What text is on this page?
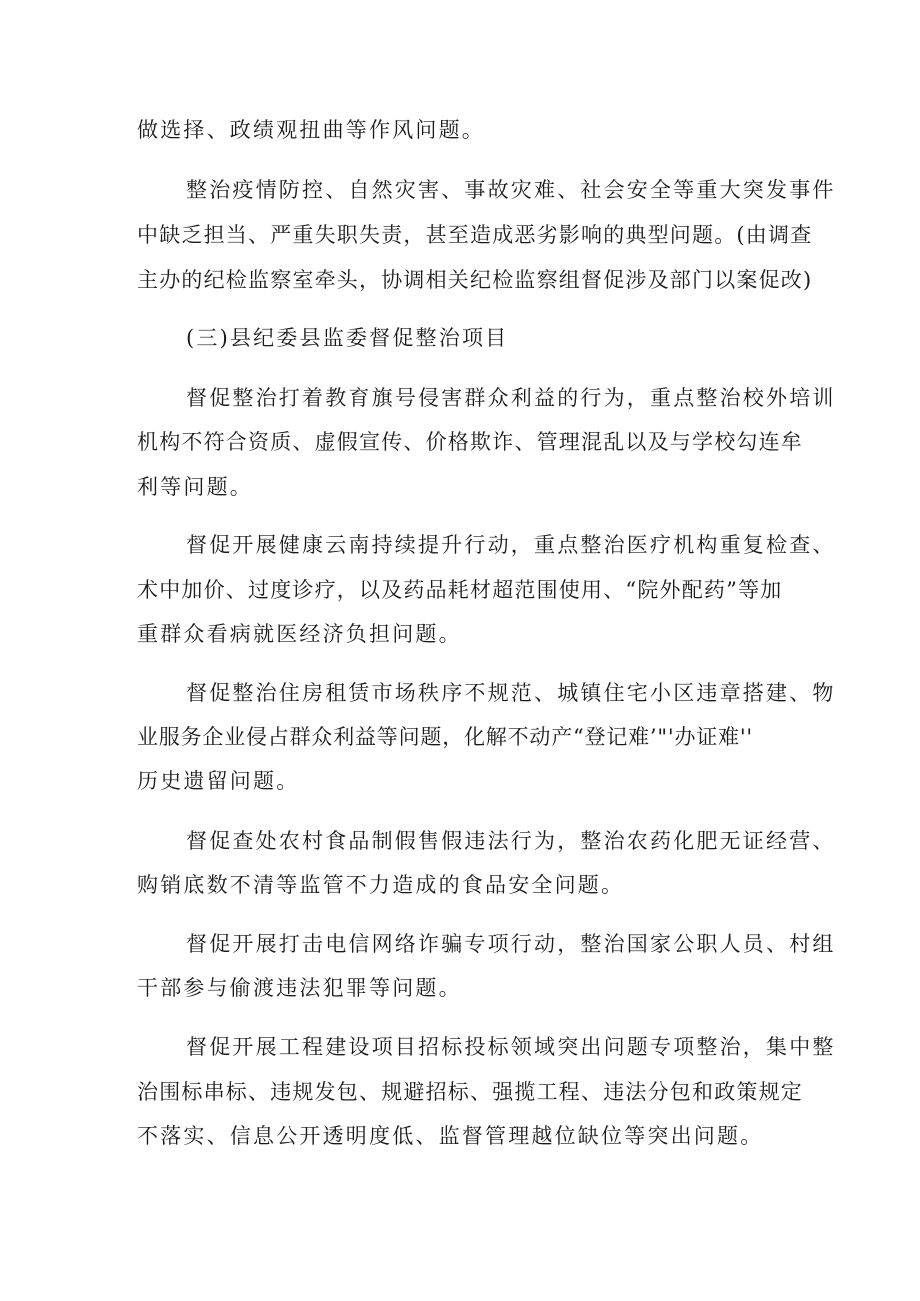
做选择、政绩观扭曲等作风问题。
整治疫情防控、自然灾害、事故灾难、社会安全等重大突发事件
中缺乏担当、严重失职失责，甚至造成恶劣影响的典型问题。(由调查
主办的纪检监察室牵头，协调相关纪检监察组督促涉及部门以案促改)
(三)县纪委县监委督促整治项目
督促整治打着教育旗号侵害群众利益的行为，重点整治校外培训
机构不符合资质、虚假宣传、价格欺诈、管理混乱以及与学校勾连牟
利等问题。
督促开展健康云南持续提升行动，重点整治医疗机构重复检查、
术中加价、过度诊疗，以及药品耗材超范围使用、“院外配药”等加
重群众看病就医经济负担问题。
督促整治住房租赁市场秩序不规范、城镇住宅小区违章搭建、物
业服务企业侵占群众利益等问题，化解不动产“登记难’"'办证难''
历史遗留问题。
督促查处农村食品制假售假违法行为，整治农药化肥无证经营、
购销底数不清等监管不力造成的食品安全问题。
督促开展打击电信网络诈骗专项行动，整治国家公职人员、村组
干部参与偷渡违法犯罪等问题。
督促开展工程建设项目招标投标领域突出问题专项整治，集中整
治围标串标、违规发包、规避招标、强揽工程、违法分包和政策规定
不落实、信息公开透明度低、监督管理越位缺位等突出问题。
